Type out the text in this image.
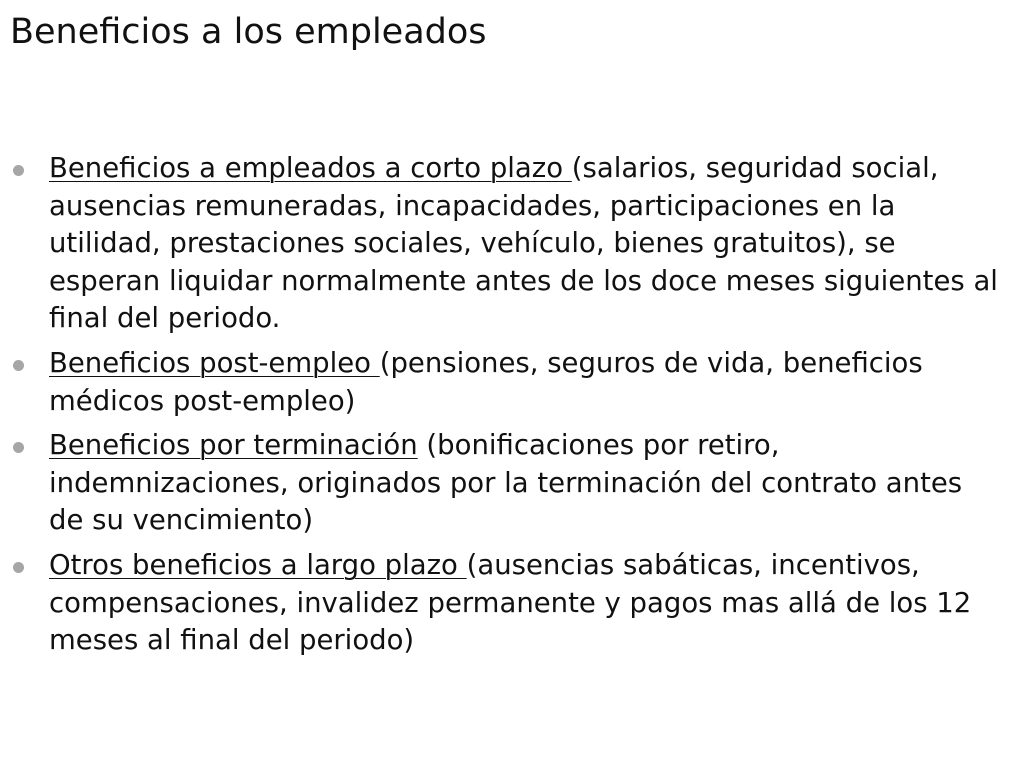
Beneficios a los empleados
Beneficios a empleados a corto plazo (salarios, seguridad social, ausencias remuneradas, incapacidades, participaciones en la utilidad, prestaciones sociales, vehículo, bienes gratuitos), se esperan liquidar normalmente antes de los doce meses siguientes al final del periodo.
Beneficios post-empleo (pensiones, seguros de vida, beneficios médicos post-empleo)
Beneficios por terminación (bonificaciones por retiro, indemnizaciones, originados por la terminación del contrato antes de su vencimiento)
Otros beneficios a largo plazo (ausencias sabáticas, incentivos, compensaciones, invalidez permanente y pagos mas allá de los 12 meses al final del periodo)
